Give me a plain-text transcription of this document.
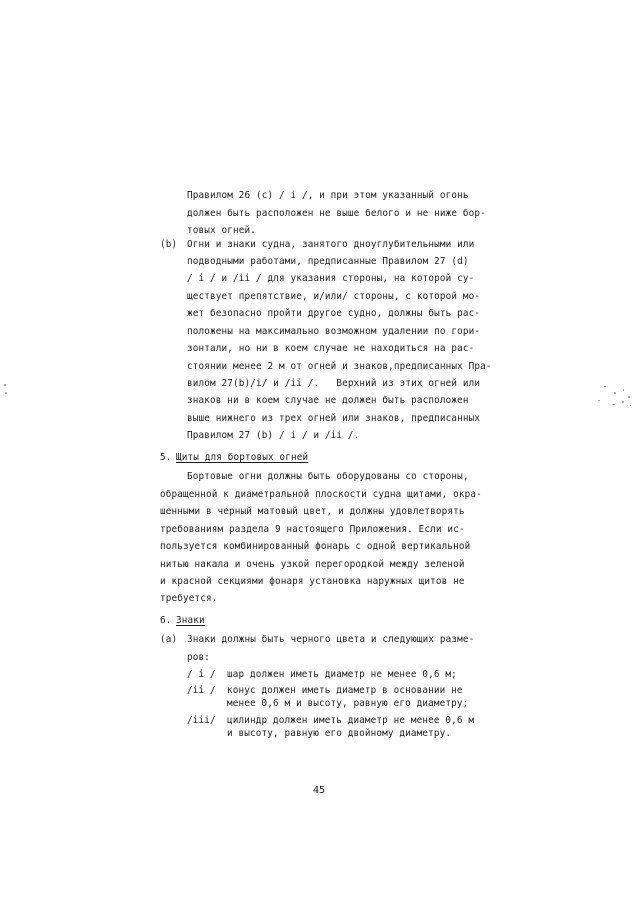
Правилом 26 (с) / i /, и при этом указанный огонь
должен быть расположен не выше белого и не ниже бор-
товых огней.
(b) Огни и знаки судна, занятого дноуглубительными или
подводными работами, предписанные Правилом 27 (d)
/ i / и /ii / для указания стороны, на которой су-
ществует препятствие, и/или/ стороны, с которой мо-
жет безопасно пройти другое судно, должны быть рас-
положены на максимально возможном удалении по гори-
зонтали, но ни в коем случае не находиться на рас-
стоянии менее 2 м от огней и знаков,предписанных Пра-
вилом 27(b)/i/ и /ii /.   Верхний из этих огней или
знаков ни в коем случае не должен быть расположен
выше нижнего из трех огней или знаков, предписанных
Правилом 27 (b) / i / и /ii /.
5. Щиты для бортовых огней
Бортовые огни должны быть оборудованы со стороны,
обращенной к диаметральной плоскости судна щитами, окра-
шенными в черный матовый цвет, и должны удовлетворять
требованиям раздела 9 настоящего Приложения. Если ис-
пользуется комбинированный фонарь с одной вертикальной
нитью накала и очень узкой перегородкой между зеленой
и красной секциями фонаря установка наружных щитов не
требуется.
6. Знаки
(a) Знаки должны быть черного цвета и следующих разме-
ров:
/ i / шар должен иметь диаметр не менее 0,6 м;
/ii / конус должен иметь диаметр в основании не
менее 0,6 м и высоту, равную его диаметру;
/iii/ цилиндр должен иметь диаметр не менее 0,6 м
и высоту, равную его двойному диаметру.
45
